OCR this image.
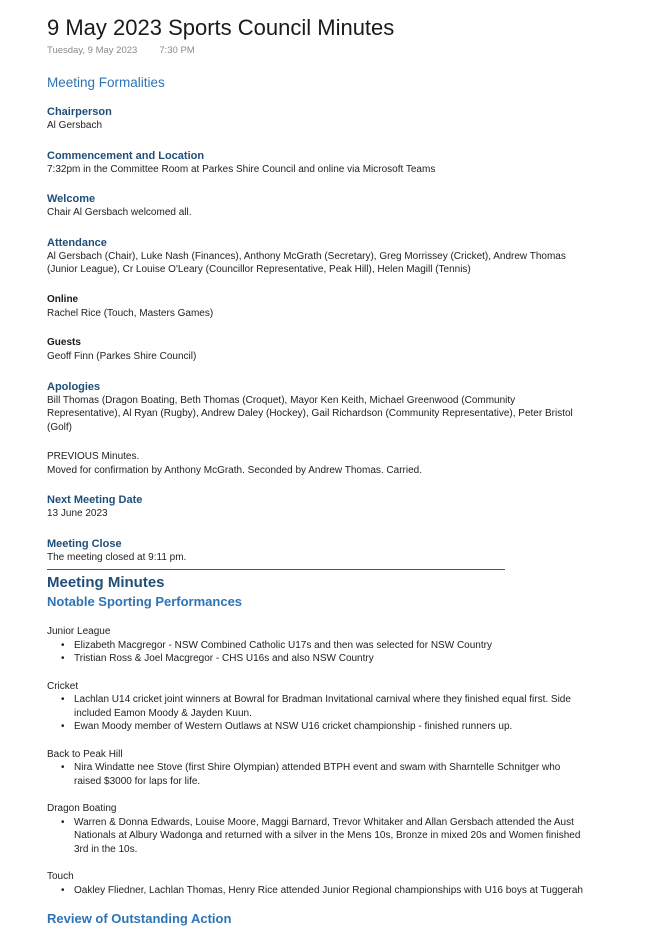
9 May 2023 Sports Council Minutes
Tuesday, 9 May 2023 7:30 PM
Meeting Formalities
Chairperson
Al Gersbach
Commencement and Location
7:32pm in the Committee Room at Parkes Shire Council and online via Microsoft Teams
Welcome
Chair Al Gersbach welcomed all.
Attendance
Al Gersbach (Chair), Luke Nash (Finances), Anthony McGrath (Secretary), Greg Morrissey (Cricket), Andrew Thomas
(Junior League), Cr Louise O'Leary (Councillor Representative, Peak Hill), Helen Magill (Tennis)
Online
Rachel Rice (Touch, Masters Games)
Guests
Geoff Finn (Parkes Shire Council)
Apologies
Bill Thomas (Dragon Boating, Beth Thomas (Croquet), Mayor Ken Keith, Michael Greenwood (Community
Representative), Al Ryan (Rugby), Andrew Daley (Hockey), Gail Richardson (Community Representative), Peter Bristol
(Golf)
PREVIOUS Minutes.
Moved for confirmation by Anthony McGrath. Seconded by Andrew Thomas. Carried.
Next Meeting Date
13 June 2023
Meeting Close
The meeting closed at 9:11 pm.
Meeting Minutes
Notable Sporting Performances
Junior League
• Elizabeth Macgregor - NSW Combined Catholic U17s and then was selected for NSW Country
• Tristian Ross & Joel Macgregor - CHS U16s and also NSW Country
Cricket
• Lachlan U14 cricket joint winners at Bowral for Bradman Invitational carnival where they finished equal first. Side
included Eamon Moody & Jayden Kuun.
• Ewan Moody member of Western Outlaws at NSW U16 cricket championship - finished runners up.
Back to Peak Hill
• Nira Windatte nee Stove (first Shire Olympian) attended BTPH event and swam with Sharntelle Schnitger who
raised $3000 for laps for life.
Dragon Boating
• Warren & Donna Edwards, Louise Moore, Maggi Barnard, Trevor Whitaker and Allan Gersbach attended the Aust
Nationals at Albury Wadonga and returned with a silver in the Mens 10s, Bronze in mixed 20s and Women finished
3rd in the 10s.
Touch
• Oakley Fliedner, Lachlan Thomas, Henry Rice attended Junior Regional championships with U16 boys at Tuggerah
Review of Outstanding Action
